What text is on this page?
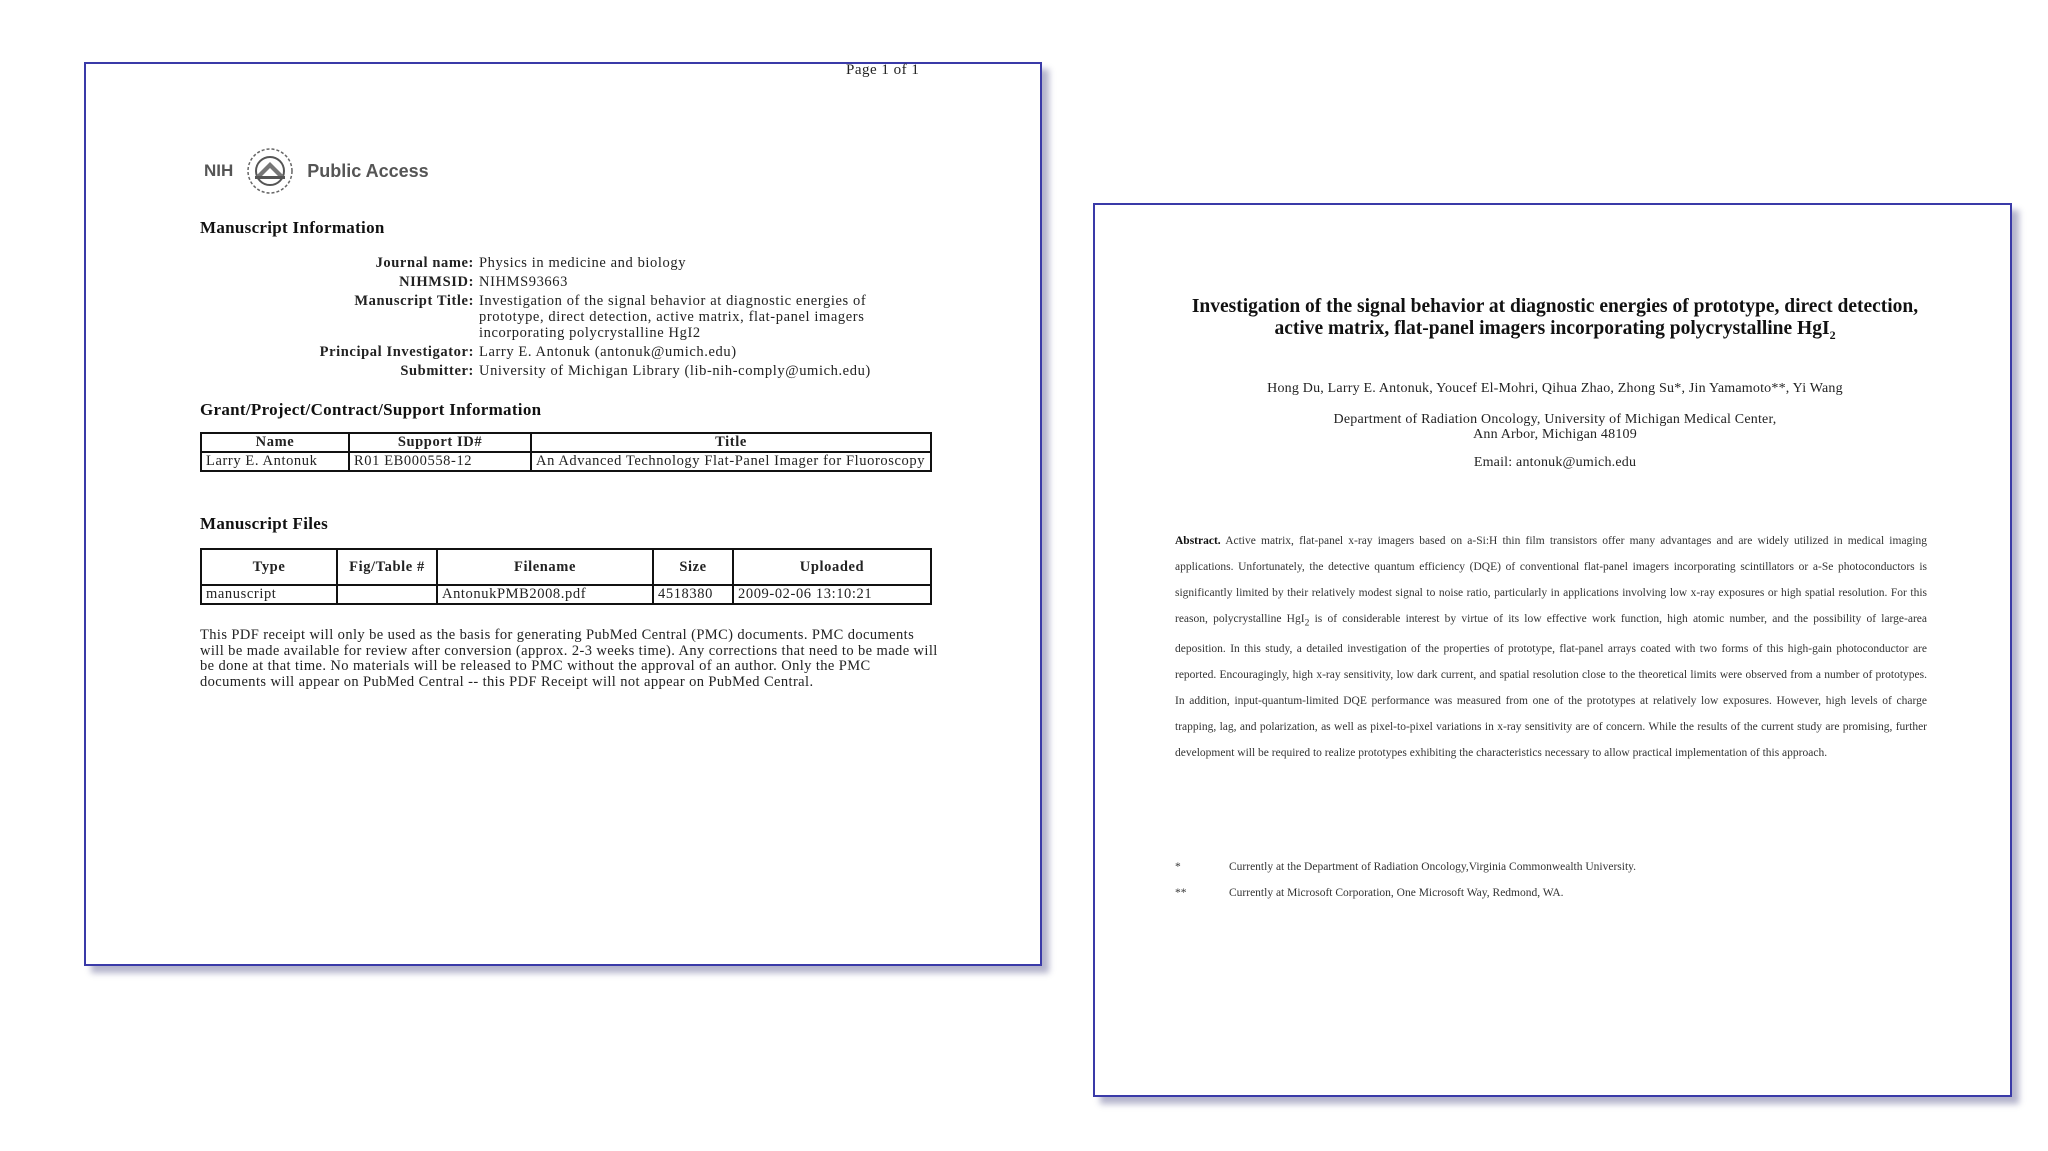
Page 1 of 1
NIH	Public Access
Manuscript Information
Journal name: Physics in medicine and biology
NIHMSID: NIHMS93663
Manuscript Title: Investigation of the signal behavior at diagnostic energies of prototype, direct detection, active matrix, flat-panel imagers incorporating polycrystalline HgI2
Principal Investigator: Larry E. Antonuk (antonuk@umich.edu)
Submitter: University of Michigan Library (lib-nih-comply@umich.edu)
Grant/Project/Contract/Support Information
Name	Support ID#	Title
Larry E. Antonuk	R01 EB000558-12	An Advanced Technology Flat-Panel Imager for Fluoroscopy
Manuscript Files
Type	Fig/Table #	Filename	Size	Uploaded
manuscript		AntonukPMB2008.pdf	4518380	2009-02-06 13:10:21
This PDF receipt will only be used as the basis for generating PubMed Central (PMC) documents. PMC documents will be made available for review after conversion (approx. 2-3 weeks time). Any corrections that need to be made will be done at that time. No materials will be released to PMC without the approval of an author. Only the PMC documents will appear on PubMed Central -- this PDF Receipt will not appear on PubMed Central.
Investigation of the signal behavior at diagnostic energies of prototype, direct detection, active matrix, flat-panel imagers incorporating polycrystalline HgI$_2$
Hong Du, Larry E. Antonuk, Youcef El-Mohri, Qihua Zhao, Zhong Su*, Jin Yamamoto**, Yi Wang
Department of Radiation Oncology, University of Michigan Medical Center,
Ann Arbor, Michigan 48109
Email: antonuk@umich.edu
Abstract. Active matrix, flat-panel x-ray imagers based on a-Si:H thin film transistors offer many advantages and are widely utilized in medical imaging applications. Unfortunately, the detective quantum efficiency (DQE) of conventional flat-panel imagers incorporating scintillators or a-Se photoconductors is significantly limited by their relatively modest signal to noise ratio, particularly in applications involving low x-ray exposures or high spatial resolution. For this reason, polycrystalline HgI$_2$ is of considerable interest by virtue of its low effective work function, high atomic number, and the possibility of large-area deposition. In this study, a detailed investigation of the properties of prototype, flat-panel arrays coated with two forms of this high-gain photoconductor are reported. Encouragingly, high x-ray sensitivity, low dark current, and spatial resolution close to the theoretical limits were observed from a number of prototypes. In addition, input-quantum-limited DQE performance was measured from one of the prototypes at relatively low exposures. However, high levels of charge trapping, lag, and polarization, as well as pixel-to-pixel variations in x-ray sensitivity are of concern. While the results of the current study are promising, further development will be required to realize prototypes exhibiting the characteristics necessary to allow practical implementation of this approach.
*	Currently at the Department of Radiation Oncology,Virginia Commonwealth University.
**	Currently at Microsoft Corporation, One Microsoft Way, Redmond, WA.
